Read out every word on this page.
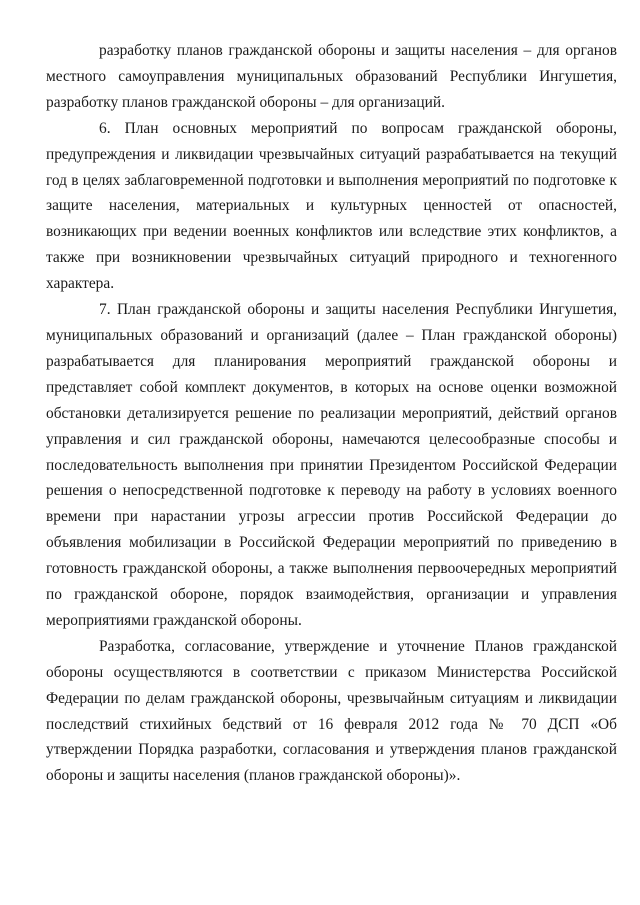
разработку планов гражданской обороны и защиты населения – для органов местного самоуправления муниципальных образований Республики Ингушетия, разработку планов гражданской обороны – для организаций.

6. План основных мероприятий по вопросам гражданской обороны, предупреждения и ликвидации чрезвычайных ситуаций разрабатывается на текущий год в целях заблаговременной подготовки и выполнения мероприятий по подготовке к защите населения, материальных и культурных ценностей от опасностей, возникающих при ведении военных конфликтов или вследствие этих конфликтов, а также при возникновении чрезвычайных ситуаций природного и техногенного характера.

7. План гражданской обороны и защиты населения Республики Ингушетия, муниципальных образований и организаций (далее – План гражданской обороны) разрабатывается для планирования мероприятий гражданской обороны и представляет собой комплект документов, в которых на основе оценки возможной обстановки детализируется решение по реализации мероприятий, действий органов управления и сил гражданской обороны, намечаются целесообразные способы и последовательность выполнения при принятии Президентом Российской Федерации решения о непосредственной подготовке к переводу на работу в условиях военного времени при нарастании угрозы агрессии против Российской Федерации до объявления мобилизации в Российской Федерации мероприятий по приведению в готовность гражданской обороны, а также выполнения первоочередных мероприятий по гражданской обороне, порядок взаимодействия, организации и управления мероприятиями гражданской обороны.

Разработка, согласование, утверждение и уточнение Планов гражданской обороны осуществляются в соответствии с приказом Министерства Российской Федерации по делам гражданской обороны, чрезвычайным ситуациям и ликвидации последствий стихийных бедствий от 16 февраля 2012 года № 70 ДСП «Об утверждении Порядка разработки, согласования и утверждения планов гражданской обороны и защиты населения (планов гражданской обороны)».
